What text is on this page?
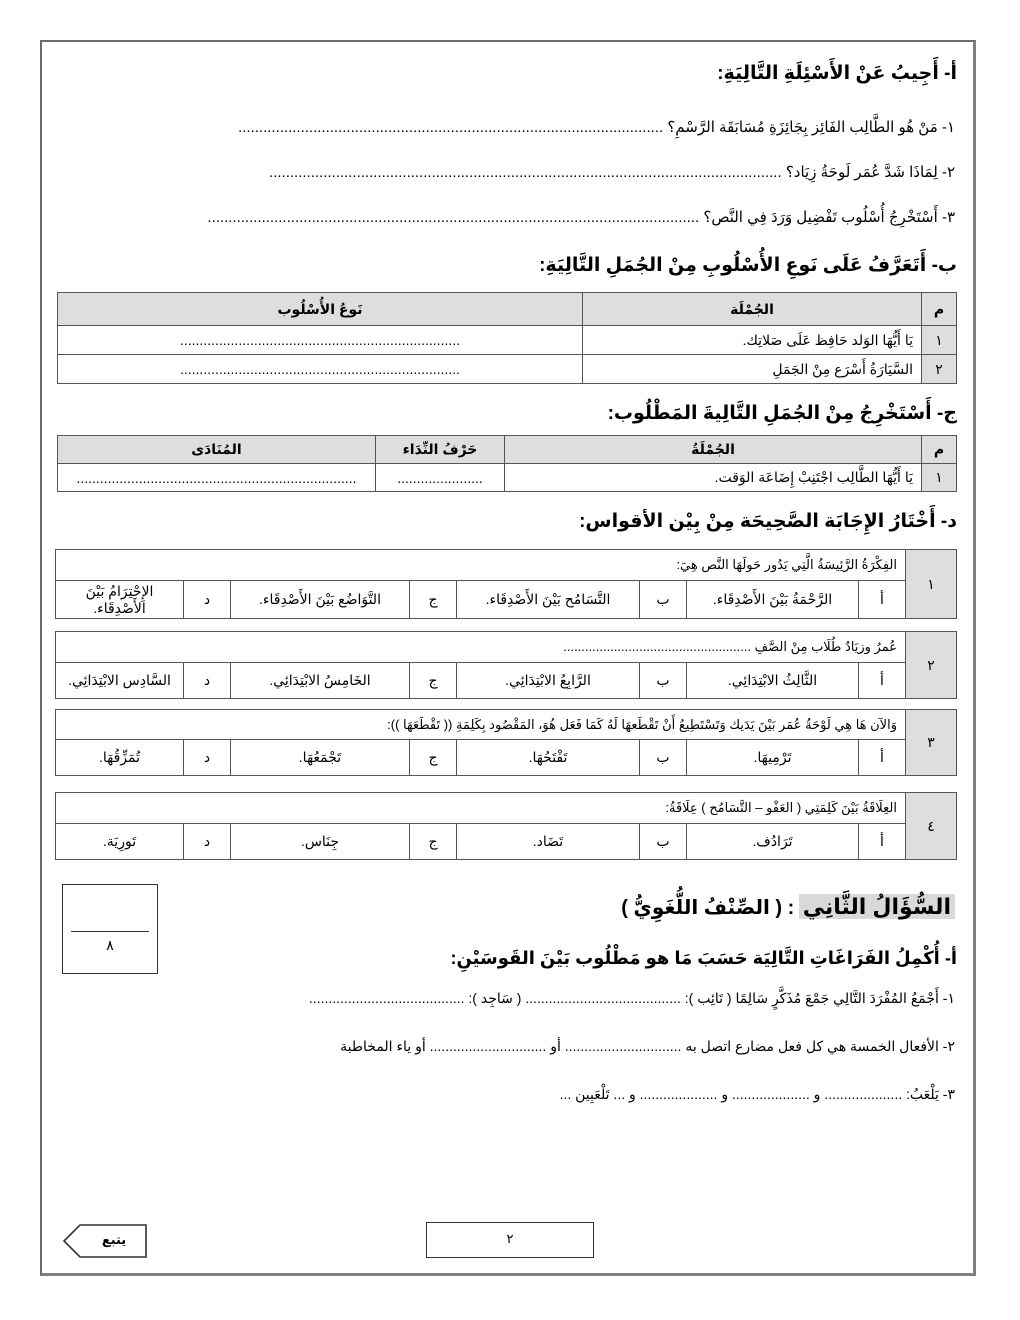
أ- أَجِيبُ عَنْ الأَسْئِلَةِ التَّالِيَةِ:
١- مَنْ هُو الطَّالِب الفَائِز بِجَائِزَةِ مُسَابَقَة الرَّسْمِ؟ ......................................................................................................
٢- لِمَاذَا شَدَّ عُمَر لَوحَةُ زِيَاد؟ ...........................................................................................................................
٣- أَسْتَخْرِجُ أُسْلُوب تَفْضِيل وَرَدَ فِي النَّص؟ ......................................................................................................................
ب- أَتَعَرَّفُ عَلَى نَوعِ الأُسْلُوبِ مِنْ الجُمَلِ التَّالِيَةِ:
م	الجُمْلَة	نَوعُ الأُسْلُوب
١	يَا أَيُّهَا الوَلد حَافِظ عَلَى صَلاتِك.	........................................................................
٢	السَّيَارَةُ أَسْرَع مِنْ الجَمَلِ	........................................................................
ج- أَسْتَخْرِجُ مِنْ الجُمَلِ التَّالِيةَ المَطْلُوب:
م	الجُمْلَةُ	حَرْفُ النِّدَاء	المُنَادَى
١	يَا أَيُّهَا الطَّالِب اجْتَنِبْ إِضَاعَة الوَقت.	......................	........................................................................
د- أَخْتَارُ الإِجَابَة الصَّحِيحَة مِنْ بِيْن الأقواس:
١	الفِكْرَةُ الرَّئِيسَةُ الَّتِي يَدُور حَولَهَا النَّص هِيَ:							
	أ	الرَّحْمَةُ بَيْنَ الأَصْدِقَاء.	ب	التَّسَامُح بَيْنَ الأَصْدِقَاء.	ج	التَّوَاضُع بَيْنَ الأَصْدِقَاء.	د	الإِحْتِرَامُ بَيْنَ الأَصْدِقَاء.
٢	عُمرُ وزيَادٌ طُلَاب مِنْ الصَّفِ ....................................................							
	أ	الثَّالِثُ الابْتِدَائِي.	ب	الرَّابِعُ الابْتِدَائِي.	ج	الخَامِسُ الابْتِدَائِي.	د	السَّادِس الابْتِدَائِي.
٣	وَالآن هَا هِي لَوْحَةُ عُمَر بَيْنَ يَدَيك وَتَسْتَطِيعُ أَنْ تَقْطَعهَا لَهُ كَمَا فَعَل هُوَ، المَقْصُود بِكَلِمَةِ (( تَقْطَعَهَا )):							
	أ	تَرْمِيهَا.	ب	تَفْتَحُهَا.	ج	تَجْمَعُهَا.	د	تُمَزِّقُهَا.
٤	العِلَاقَةُ بَيْنَ كَلِمَتِي ( العَفْو – التَّسَامُح ) عِلَاقَةُ:							
	أ	تَرَادُف.	ب	تَضَاد.	ج	جِنَاس.	د	تَورِيَة.
السُّؤَالُ الثَّانِي : ( الصِّنْفُ اللُّغَوِيُّ )
٨
أ- أُكْمِلُ الفَرَاغَاتِ التَّالِيَة حَسَبَ مَا هو مَطْلُوب بَيْنَ القَوسَيْنِ:
١- أَجْمَعُ المُفْرَدَ التَّالِي جَمْعَ مُذَكَّرٍ سَالِمًا ( تَائِب ): ........................................ ( سَاجِد ): ........................................
٢- الأفعال الخمسة هي كل فعل مضارع اتصل به .............................. أو .............................. أو ياء المخاطبة
٣- يَلْعَبُ: .................... و .................... و .................... و ... تَلْعَبِين ...
٢
يتبع
